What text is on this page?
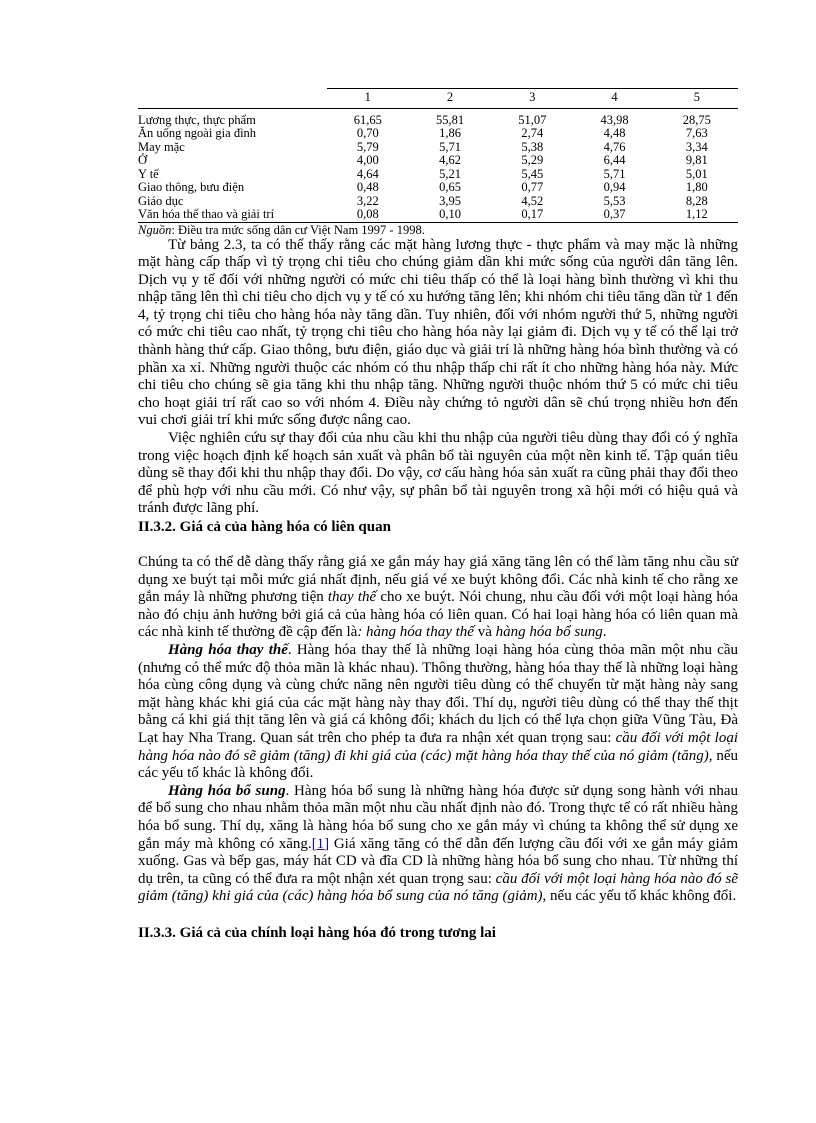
	1	2	3	4	5
Lương thực, thực phẩm	61,65	55,81	51,07	43,98	28,75
Ăn uống ngoài gia đình	0,70	1,86	2,74	4,48	7,63
May mặc	5,79	5,71	5,38	4,76	3,34
Ở	4,00	4,62	5,29	6,44	9,81
Y tế	4,64	5,21	5,45	5,71	5,01
Giao thông, bưu điện	0,48	0,65	0,77	0,94	1,80
Giáo dục	3,22	3,95	4,52	5,53	8,28
Văn hóa thể thao và giải trí	0,08	0,10	0,17	0,37	1,12
Nguồn: Điều tra mức sống dân cư Việt Nam 1997 - 1998.

Từ bảng 2.3, ta có thể thấy rằng các mặt hàng lương thực - thực phẩm và may mặc là những mặt hàng cấp thấp vì tỷ trọng chi tiêu cho chúng giảm dần khi mức sống của người dân tăng lên. Dịch vụ y tế đối với những người có mức chi tiêu thấp có thể là loại hàng bình thường vì khi thu nhập tăng lên thì chi tiêu cho dịch vụ y tế có xu hướng tăng lên; khi nhóm chi tiêu tăng dần từ 1 đến 4, tỷ trọng chi tiêu cho hàng hóa này tăng dần. Tuy nhiên, đối với nhóm người thứ 5, những người có mức chi tiêu cao nhất, tỷ trọng chi tiêu cho hàng hóa này lại giảm đi. Dịch vụ y tế có thể lại trở thành hàng thứ cấp. Giao thông, bưu điện, giáo dục và giải trí là những hàng hóa bình thường và có phần xa xỉ. Những người thuộc các nhóm có thu nhập thấp chi rất ít cho những hàng hóa này. Mức chi tiêu cho chúng sẽ gia tăng khi thu nhập tăng. Những người thuộc nhóm thứ 5 có mức chi tiêu cho hoạt giải trí rất cao so với nhóm 4. Điều này chứng tỏ người dân sẽ chú trọng nhiều hơn đến vui chơi giải trí khi mức sống được nâng cao.

Việc nghiên cứu sự thay đổi của nhu cầu khi thu nhập của người tiêu dùng thay đổi có ý nghĩa trong việc hoạch định kế hoạch sản xuất và phân bổ tài nguyên của một nền kinh tế. Tập quán tiêu dùng sẽ thay đổi khi thu nhập thay đổi. Do vậy, cơ cấu hàng hóa sản xuất ra cũng phải thay đổi theo để phù hợp với nhu cầu mới. Có như vậy, sự phân bổ tài nguyên trong xã hội mới có hiệu quả và tránh được lãng phí.

II.3.2. Giá cả của hàng hóa có liên quan

Chúng ta có thể dễ dàng thấy rằng giá xe gắn máy hay giá xăng tăng lên có thể làm tăng nhu cầu sử dụng xe buýt tại mỗi mức giá nhất định, nếu giá vé xe buýt không đổi. Các nhà kinh tế cho rằng xe gắn máy là những phương tiện thay thế cho xe buýt. Nói chung, nhu cầu đối với một loại hàng hóa nào đó chịu ảnh hưởng bởi giá cả của hàng hóa có liên quan. Có hai loại hàng hóa có liên quan mà các nhà kinh tế thường đề cập đến là: hàng hóa thay thế và hàng hóa bổ sung.

Hàng hóa thay thế. Hàng hóa thay thế là những loại hàng hóa cùng thỏa mãn một nhu cầu (nhưng có thể mức độ thỏa mãn là khác nhau). Thông thường, hàng hóa thay thế là những loại hàng hóa cùng công dụng và cùng chức năng nên người tiêu dùng có thể chuyển từ mặt hàng này sang mặt hàng khác khi giá của các mặt hàng này thay đổi. Thí dụ, người tiêu dùng có thể thay thế thịt bằng cá khi giá thịt tăng lên và giá cá không đổi; khách du lịch có thể lựa chọn giữa Vũng Tàu, Đà Lạt hay Nha Trang. Quan sát trên cho phép ta đưa ra nhận xét quan trọng sau: cầu đối với một loại hàng hóa nào đó sẽ giảm (tăng) đi khi giá của (các) mặt hàng hóa thay thế của nó giảm (tăng), nếu các yếu tố khác là không đổi.

Hàng hóa bổ sung. Hàng hóa bổ sung là những hàng hóa được sử dụng song hành với nhau để bổ sung cho nhau nhằm thỏa mãn một nhu cầu nhất định nào đó. Trong thực tế có rất nhiều hàng hóa bổ sung. Thí dụ, xăng là hàng hóa bổ sung cho xe gắn máy vì chúng ta không thể sử dụng xe gắn máy mà không có xăng.[1] Giá xăng tăng có thể dẫn đến lượng cầu đối với xe gắn máy giảm xuống. Gas và bếp gas, máy hát CD và đĩa CD là những hàng hóa bổ sung cho nhau. Từ những thí dụ trên, ta cũng có thể đưa ra một nhận xét quan trọng sau: cầu đối với một loại hàng hóa nào đó sẽ giảm (tăng) khi giá của (các) hàng hóa bổ sung của nó tăng (giảm), nếu các yếu tố khác không đổi.

II.3.3. Giá cả của chính loại hàng hóa đó trong tương lai
